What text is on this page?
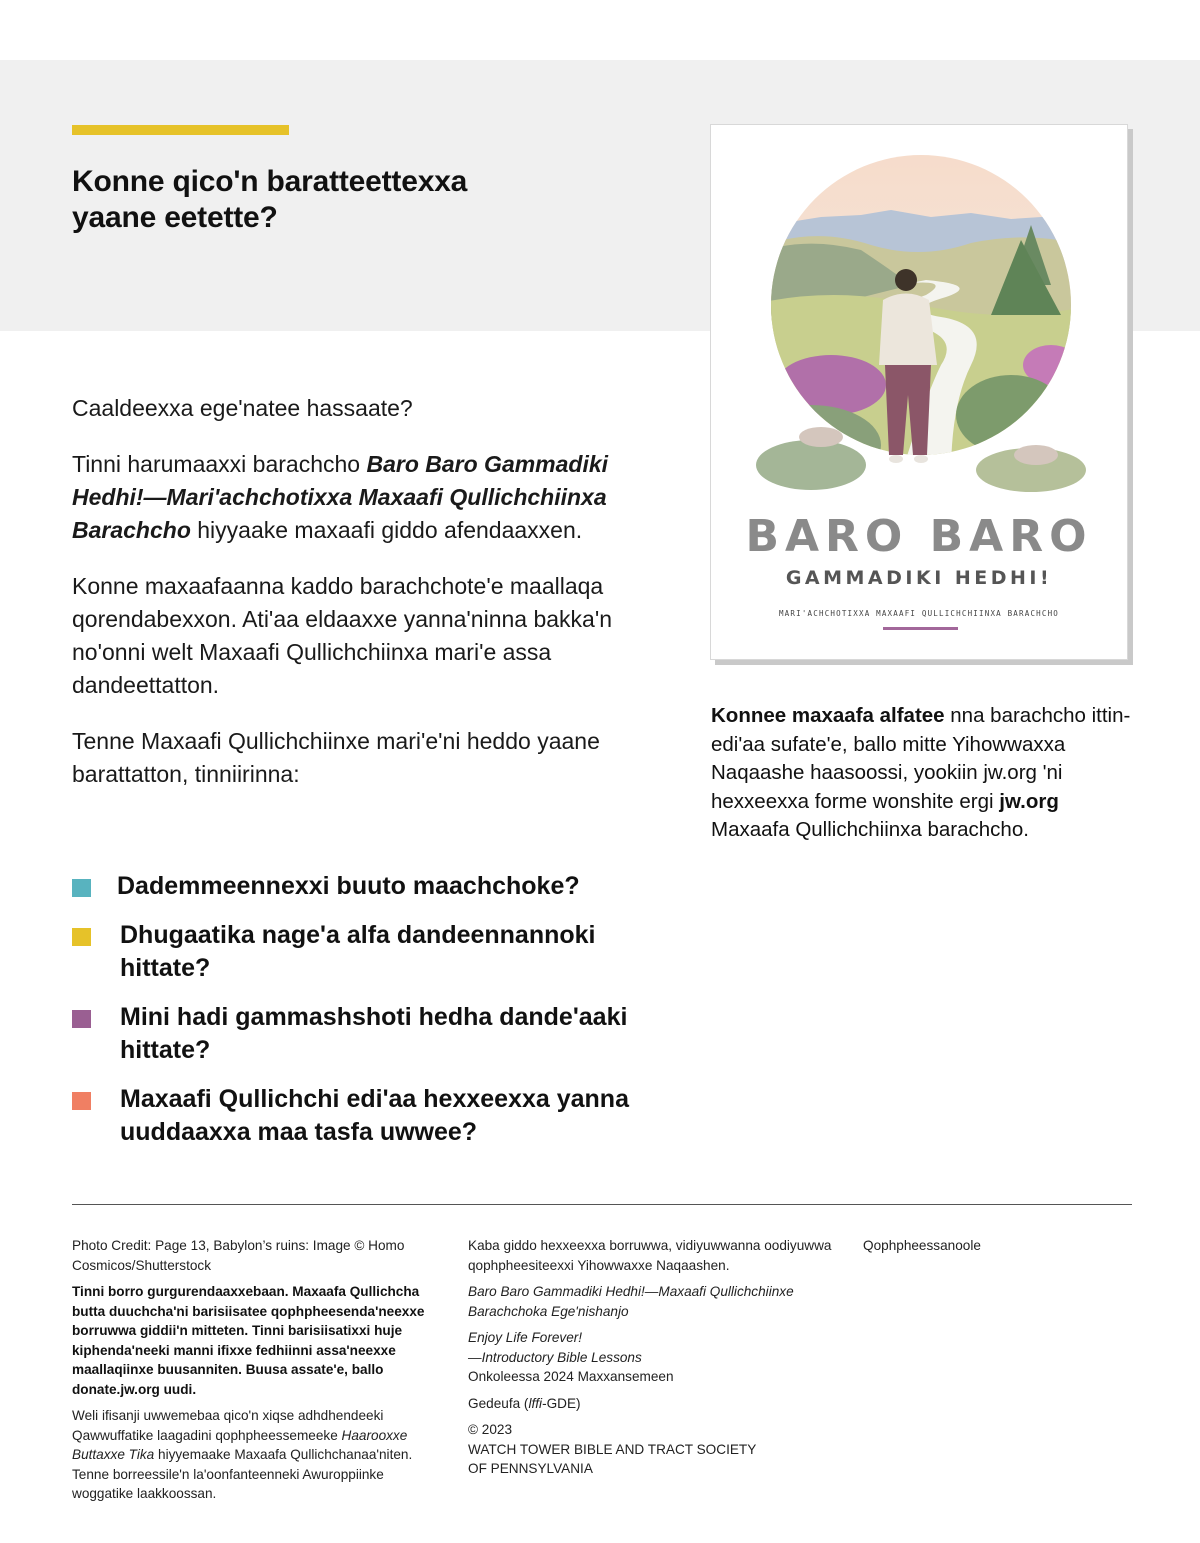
Konne qico'n baratteettexxa
yaane eetette?

Caaldeexxa ege'natee hassaate?

Tinni harumaaxxi barachcho Baro Baro Gammadiki Hedhi!—Mari'achchotixxa Maxaafi Qullichchiinxa Barachcho hiyyaake maxaafi giddo afendaaxxen.

Konne maxaafaanna kaddo barachchote'e maallaqa qorendabexxon. Ati'aa eldaaxxe yanna'ninna bakka'n no'onni welt Maxaafi Qullichchiinxa mari'e assa dandeettatton.

Tenne Maxaafi Qullichchiinxe mari'e'ni heddo yaane barattatton, tinniirinna:

Dademmeennexxi buuto maachchoke?
Dhugaatika nage'a alfa dandeennannoki hittate?
Mini hadi gammashshoti hedha dande'aaki hittate?
Maxaafi Qullichchi edi'aa hexxeexxa yanna uuddaaxxa maa tasfa uwwee?
BARO BARO
GAMMADIKI HEDHI!
MARI'ACHCHOTIXXA MAXAAFI QULLICHCHIINXA BARACHCHO
Konnee maxaafa alfatee nna barachcho ittin-edi'aa sufate'e, ballo mitte Yihowwaxxa Naqaashe haasoossi, yookiin jw.org 'ni hexxeexxa forme wonshite ergi jw.org Maxaafa Qullichchiinxa barachcho.

Photo Credit: Page 13, Babylon’s ruins: Image © Homo Cosmicos/Shutterstock

Tinni borro gurgurendaaxxebaan. Maxaafa Qullichcha butta duuchcha'ni barisiisatee qophpheesenda'neexxe borruwwa giddii'n mitteten. Tinni barisiisatixxi huje kiphenda'neeki manni ifixxe fedhiinni assa'neexxe maallaqiinxe buusanniten. Buusa assate'e, ballo donate.jw.org uudi.

Weli ifisanji uwwemebaa qico'n xiqse adhdhendeeki Qawwuffatike laagadini qophpheessemeeke Haarooxxe Buttaxxe Tika hiyyemaake Maxaafa Qullichchanaa'niten. Tenne borreessile'n la'oonfanteenneki Awuroppiinke woggatike laakkoossan.

Kaba giddo hexxeexxa borruwwa, vidiyuwwanna oodiyuwwa qophpheesiteexxi Yihowwaxxe Naqaashen.

Baro Baro Gammadiki Hedhi!—Maxaafi Qullichchiinxe Barachchoka Ege'nishanjo

Enjoy Life Forever!
—Introductory Bible Lessons
Onkoleessa 2024 Maxxansemeen

Gedeufa (lffi-GDE)

© 2023
WATCH TOWER BIBLE AND TRACT SOCIETY
OF PENNSYLVANIA

Qophpheessanoole
